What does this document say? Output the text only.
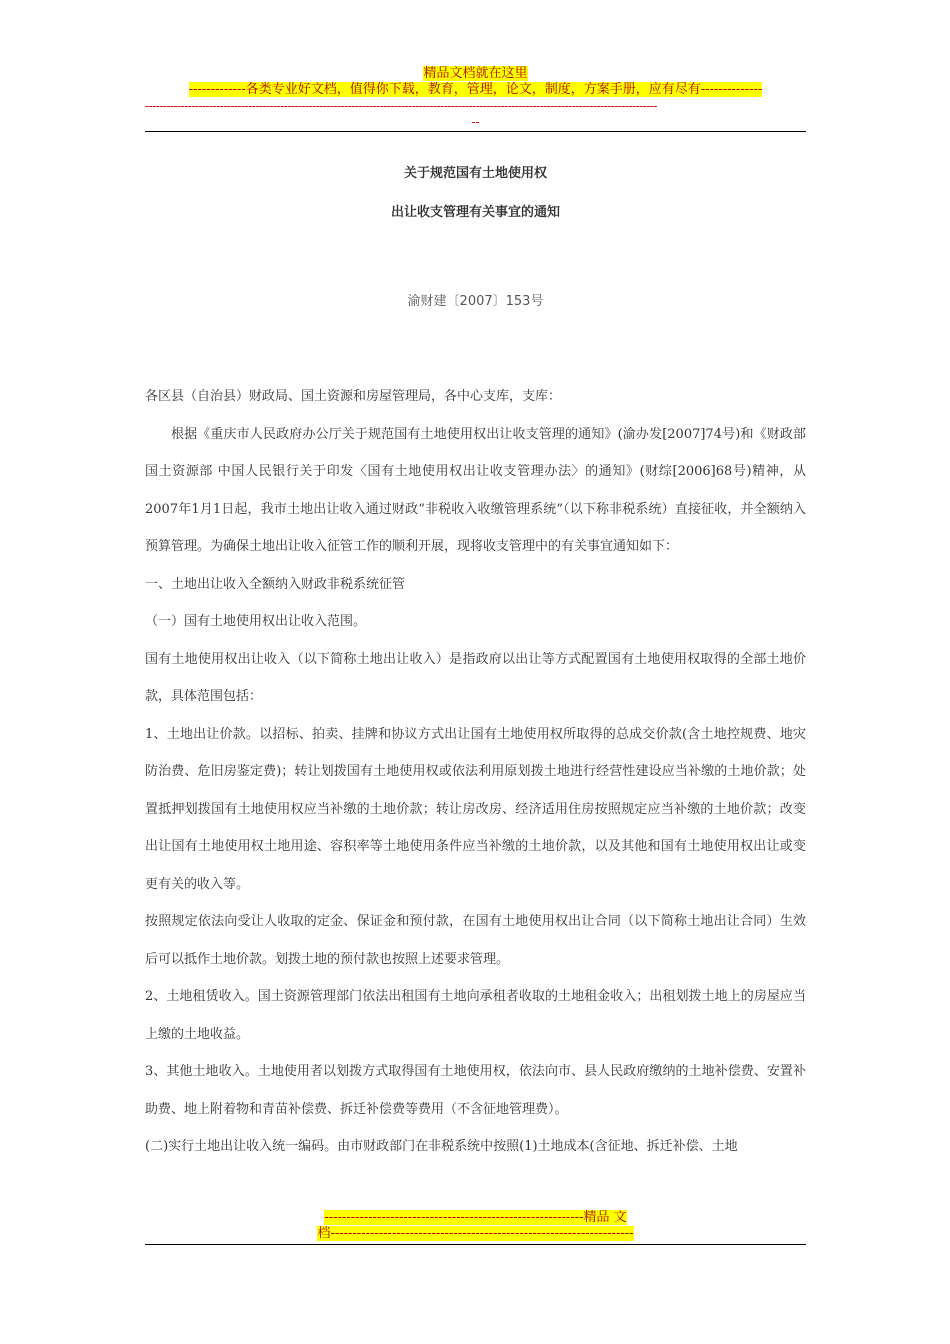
精品文档就在这里
-------------各类专业好文档，值得你下载，教育，管理，论文，制度，方案手册，应有尽有--------------
------------------------------------------------------------------------------------------------------------------------------------------------
--
关于规范国有土地使用权
出让收支管理有关事宜的通知
渝财建〔2007〕153号

各区县（自治县）财政局、国土资源和房屋管理局，各中心支库，支库：

根据《重庆市人民政府办公厅关于规范国有土地使用权出让收支管理的通知》(渝办发[2007]74号)和《财政部 国土资源部 中国人民银行关于印发〈国有土地使用权出让收支管理办法〉的通知》(财综[2006]68号)精神，从2007年1月1日起，我市土地出让收入通过财政“非税收入收缴管理系统”（以下称非税系统）直接征收，并全额纳入预算管理。为确保土地出让收入征管工作的顺利开展，现将收支管理中的有关事宜通知如下：

一、土地出让收入全额纳入财政非税系统征管

（一）国有土地使用权出让收入范围。

国有土地使用权出让收入（以下简称土地出让收入）是指政府以出让等方式配置国有土地使用权取得的全部土地价款，具体范围包括：

1、土地出让价款。以招标、拍卖、挂牌和协议方式出让国有土地使用权所取得的总成交价款(含土地控规费、地灾防治费、危旧房鉴定费)；转让划拨国有土地使用权或依法利用原划拨土地进行经营性建设应当补缴的土地价款；处置抵押划拨国有土地使用权应当补缴的土地价款；转让房改房、经济适用住房按照规定应当补缴的土地价款；改变出让国有土地使用权土地用途、容积率等土地使用条件应当补缴的土地价款，以及其他和国有土地使用权出让或变更有关的收入等。

按照规定依法向受让人收取的定金、保证金和预付款，在国有土地使用权出让合同（以下简称土地出让合同）生效后可以抵作土地价款。划拨土地的预付款也按照上述要求管理。

2、土地租赁收入。国土资源管理部门依法出租国有土地向承租者收取的土地租金收入；出租划拨土地上的房屋应当上缴的土地收益。

3、其他土地收入。土地使用者以划拨方式取得国有土地使用权，依法向市、县人民政府缴纳的土地补偿费、安置补助费、地上附着物和青苗补偿费、拆迁补偿费等费用（不含征地管理费）。

(二)实行土地出让收入统一编码。由市财政部门在非税系统中按照(1)土地成本(含征地、拆迁补偿、土地

-----------------------------------------------------------精品 文
档---------------------------------------------------------------------
